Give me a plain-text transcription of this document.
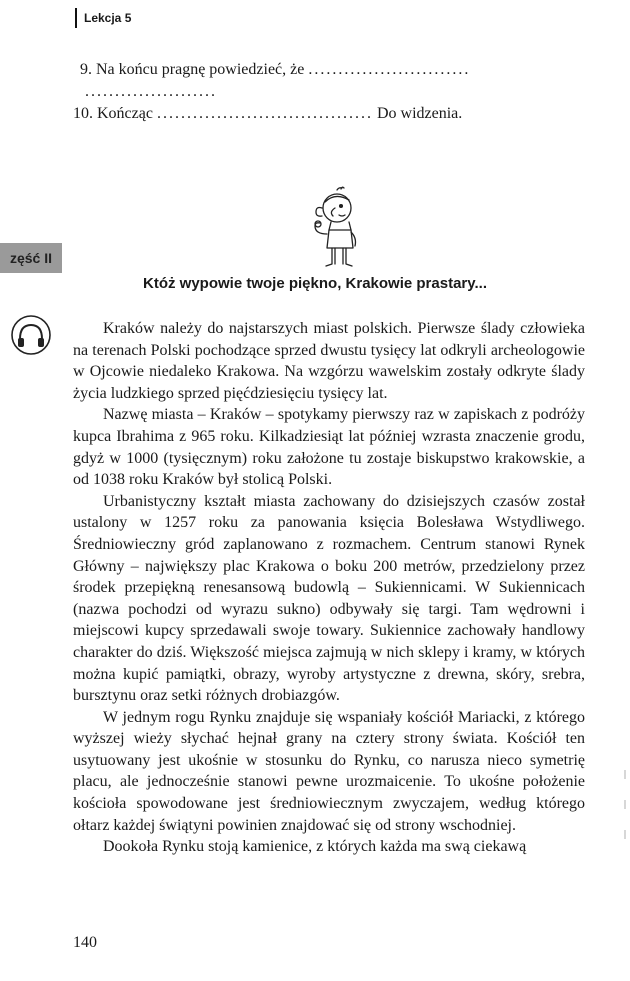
Lekcja 5
9. Na końcu pragnę powiedzieć, że ...........................
......................
10. Kończąc .................................... Do widzenia.
zęść II
Któż wypowie twoje piękno, Krakowie prastary...

Kraków należy do najstarszych miast polskich. Pierwsze ślady człowieka na terenach Polski pochodzące sprzed dwustu tysięcy lat odkryli archeologowie w Ojcowie niedaleko Krakowa. Na wzgórzu wawelskim zostały odkryte ślady życia ludzkiego sprzed pięćdziesięciu tysięcy lat.

Nazwę miasta – Kraków – spotykamy pierwszy raz w zapiskach z podróży kupca Ibrahima z 965 roku. Kilkadziesiąt lat później wzrasta znaczenie grodu, gdyż w 1000 (tysięcznym) roku założone tu zostaje biskupstwo krakowskie, a od 1038 roku Kraków był stolicą Polski.

Urbanistyczny kształt miasta zachowany do dzisiejszych czasów został ustalony w 1257 roku za panowania księcia Bolesława Wstydliwego. Średniowieczny gród zaplanowano z rozmachem. Centrum stanowi Rynek Główny – największy plac Krakowa o boku 200 metrów, przedzielony przez środek przepiękną renesansową budowlą – Sukiennicami. W Sukiennicach (nazwa pochodzi od wyrazu sukno) odbywały się targi. Tam wędrowni i miejscowi kupcy sprzedawali swoje towary. Sukiennice zachowały handlowy charakter do dziś. Większość miejsca zajmują w nich sklepy i kramy, w których można kupić pamiątki, obrazy, wyroby artystyczne z drewna, skóry, srebra, bursztynu oraz setki różnych drobiazgów.

W jednym rogu Rynku znajduje się wspaniały kościół Mariacki, z którego wyższej wieży słychać hejnał grany na cztery strony świata. Kościół ten usytuowany jest ukośnie w stosunku do Rynku, co narusza nieco symetrię placu, ale jednocześnie stanowi pewne urozmaicenie. To ukośne położenie kościoła spowodowane jest średniowiecznym zwyczajem, według którego ołtarz każdej świątyni powinien znajdować się od strony wschodniej.

Dookoła Rynku stoją kamienice, z których każda ma swą ciekawą

140
